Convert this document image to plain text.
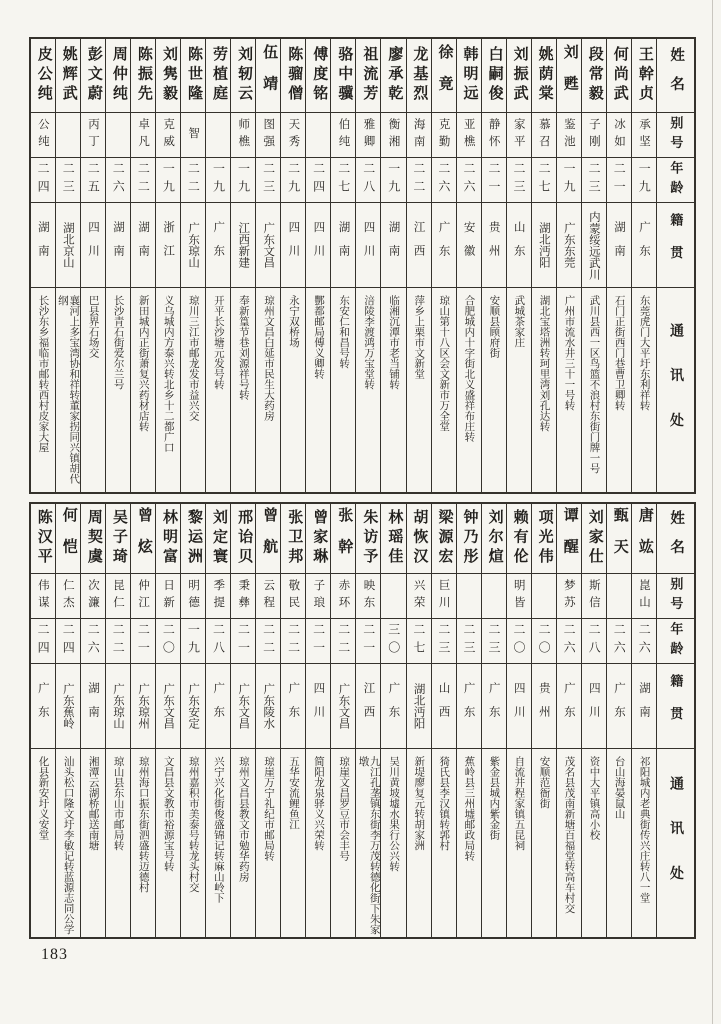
姓名
别号
年龄
籍贯
通讯处
王幹贞
承坚
一九
广东
东莞虎门大平圩东利祥转
何尚武
冰如
二一
湖南
石门正街西门巷曹卫卿转
段常毅
子刚
二三
内蒙绥远武川
武川县西一区鸟篮不浪村东街门牌一号
刘甦
鉴池
一九
广东东莞
广州市流水井三十一号转
姚荫棠
慕召
二七
湖北沔阳
湖北宝塔洲转珂里湾刘孔达转
刘振武
家平
二三
山东
武城茶家庄
白嗣俊
静怀
二一
贵州
安顺县顾府街
韩明远
亚樵
二六
安徽
合肥城内十字街北义盛祥布庄转
徐竟
克勤
二六
广东
琼山第十八区会文新市万全堂
龙基烈
海南
二二
江西
萍乡上栗市文新堂
廖承乾
衡湘
一九
湖南
临湘沉潭市老当铺转
祖流芳
雅卿
二八
四川
涪陵李渡鸿万宝堂转
骆中骥
伯纯
二七
湖南
东安仁和昌号转
傅度铭
二四
四川
酆都邮局傅义卿转
陈骝僧
天秀
二九
四川
永宁双桥场
伍靖
图强
二三
广东文昌
琼州文昌白延市民生大药房
刘轫云
师樵
一九
江西新建
奉新篁节巷刘源祥号转
劳植庭
一九
广东
开平长沙塘元发号转
陈世隆
智
二二
广东琼山
琼川三江市邮龙发市益兴交
刘隽毅
克威
一九
浙江
义乌城内方泰兴转北乡十二都广口
陈振先
卓凡
二二
湖南
新田城内正街萧复兴药材店转
周仲纯
二六
湖南
长沙青石街爱尔兰号
彭文蔚
丙丁
二五
四川
巴县界石场交
姚辉武
二三
湖北京山
襄河上多宝湾协和祥转董家拐同兴镇胡代纲
皮公纯
公纯
二四
湖南
长沙东乡福临市邮转西村皮家大屋
姓名
别号
年龄
籍贯
通讯处
唐竑
崑山
二六
湖南
祁阳城内老典街传兴庄转八一堂
甄天
二六
广东
台山海晏鼠山
刘家仕
斯信
二八
四川
资中大平镇高小校
谭醒
梦苏
二六
广东
茂名县茂南新塘百福堂转高车村交
项光伟
二〇
贵州
安顺范衙街
赖有伦
明皆
二〇
四川
自流井程家镇五昆祠
刘尔煊
二三
广东
紫金县城内紫金街
钟乃彤
二三
广东
蕉岭县三州墟邮政局转
梁源宏
巨川
二三
山西
猗氏县李汉镇转郭村
胡恢汉
兴荣
二七
湖北沔阳
新堤廖复元转胡家洲
林瑶佳
三〇
广东
吴川黄坡墟水果行公兴转
朱访予
映东
二一
江西
九江孔垄镇东街李万茂转德化街下朱家墩
张幹
赤环
二二
广东文昌
琼崖文昌罗豆市会丰号
曾家琳
子琅
二一
四川
简阳龙泉驿义兴荣转
张卫邦
敬民
二二
广东
五华安流鲤鱼江
曾航
云程
二二
广东陵水
琼崖万宁礼纪市邮局转
邢诒贝
秉彝
二一
广东文昌
琼州文昌县教文市勉华药房
刘定寰
季提
二八
广东
兴宁兴化街俊盛锦记转麻山岭下
黎运洲
明德
一九
广东安定
琼州嘉积市美泰号转龙头村交
林明富
日新
二〇
广东文昌
文昌县文教市裕源宝号转
曾炫
仲江
二一
广东琼州
琼州海口振东街泗盛转迈德村
吴子琦
昆仁
二二
广东琼山
琼山县东山市邮局转
周契虞
次濂
二六
湖南
湘潭云湖桥邮送南塘
何恺
仁杰
二四
广东蕉岭
汕头松口隆文圩李敏记转蓝源志同公学
陈汉平
伟谋
二四
广东
化县新安圩义安堂
183
